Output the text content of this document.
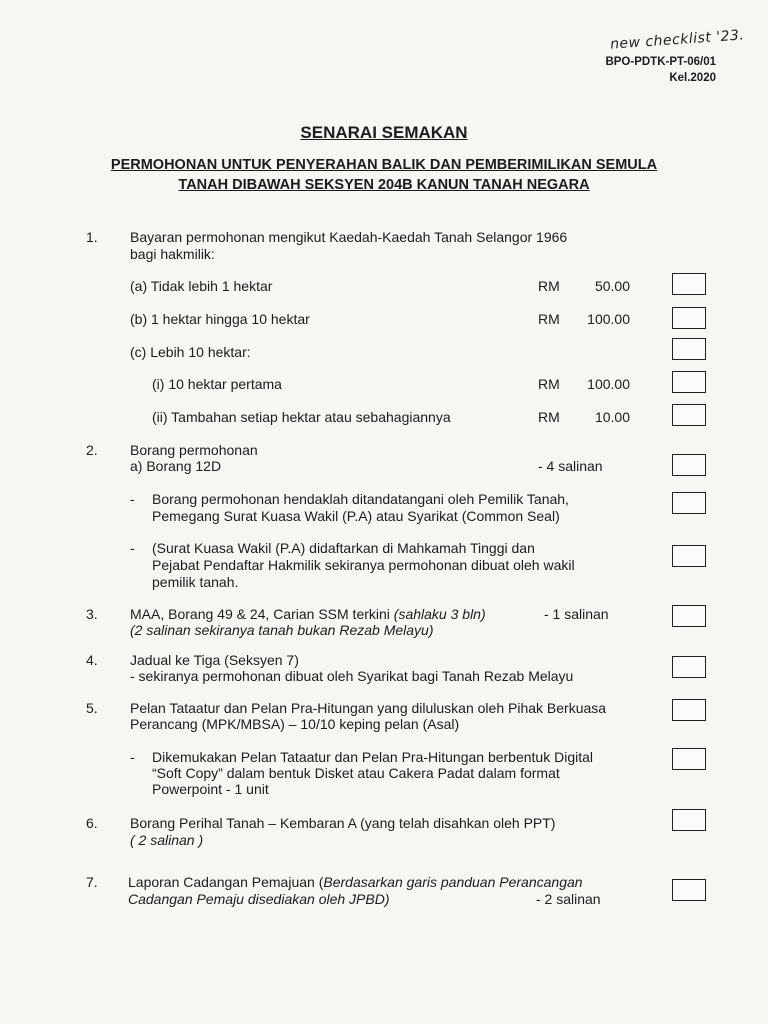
new checklist '23.
BPO-PDTK-PT-06/01
Kel.2020
SENARAI SEMAKAN
PERMOHONAN UNTUK PENYERAHAN BALIK DAN PEMBERIMILIKAN SEMULA
TANAH DIBAWAH SEKSYEN 204B KANUN TANAH NEGARA
1. Bayaran permohonan mengikut Kaedah-Kaedah Tanah Selangor 1966
bagi hakmilik:
(a) Tidak lebih 1 hektar	RM	50.00
(b) 1 hektar hingga 10 hektar	RM	100.00
(c) Lebih 10 hektar:
(i) 10 hektar pertama	RM	100.00
(ii) Tambahan setiap hektar atau sebahagiannya	RM	10.00
2. Borang permohonan
a) Borang 12D	- 4 salinan
- Borang permohonan hendaklah ditandatangani oleh Pemilik Tanah,
Pemegang Surat Kuasa Wakil (P.A) atau Syarikat (Common Seal)
- (Surat Kuasa Wakil (P.A) didaftarkan di Mahkamah Tinggi dan
Pejabat Pendaftar Hakmilik sekiranya permohonan dibuat oleh wakil
pemilik tanah.
3. MAA, Borang 49 & 24, Carian SSM terkini (sahlaku 3 bln)	- 1 salinan
(2 salinan sekiranya tanah bukan Rezab Melayu)
4. Jadual ke Tiga (Seksyen 7)
- sekiranya permohonan dibuat oleh Syarikat bagi Tanah Rezab Melayu
5. Pelan Tataatur dan Pelan Pra-Hitungan yang diluluskan oleh Pihak Berkuasa
Perancang (MPK/MBSA) – 10/10 keping pelan (Asal)
- Dikemukakan Pelan Tataatur dan Pelan Pra-Hitungan berbentuk Digital
“Soft Copy” dalam bentuk Disket atau Cakera Padat dalam format
Powerpoint - 1 unit
6. Borang Perihal Tanah – Kembaran A (yang telah disahkan oleh PPT)
( 2 salinan )
7. Laporan Cadangan Pemajuan (Berdasarkan garis panduan Perancangan
Cadangan Pemaju disediakan oleh JPBD)	- 2 salinan
